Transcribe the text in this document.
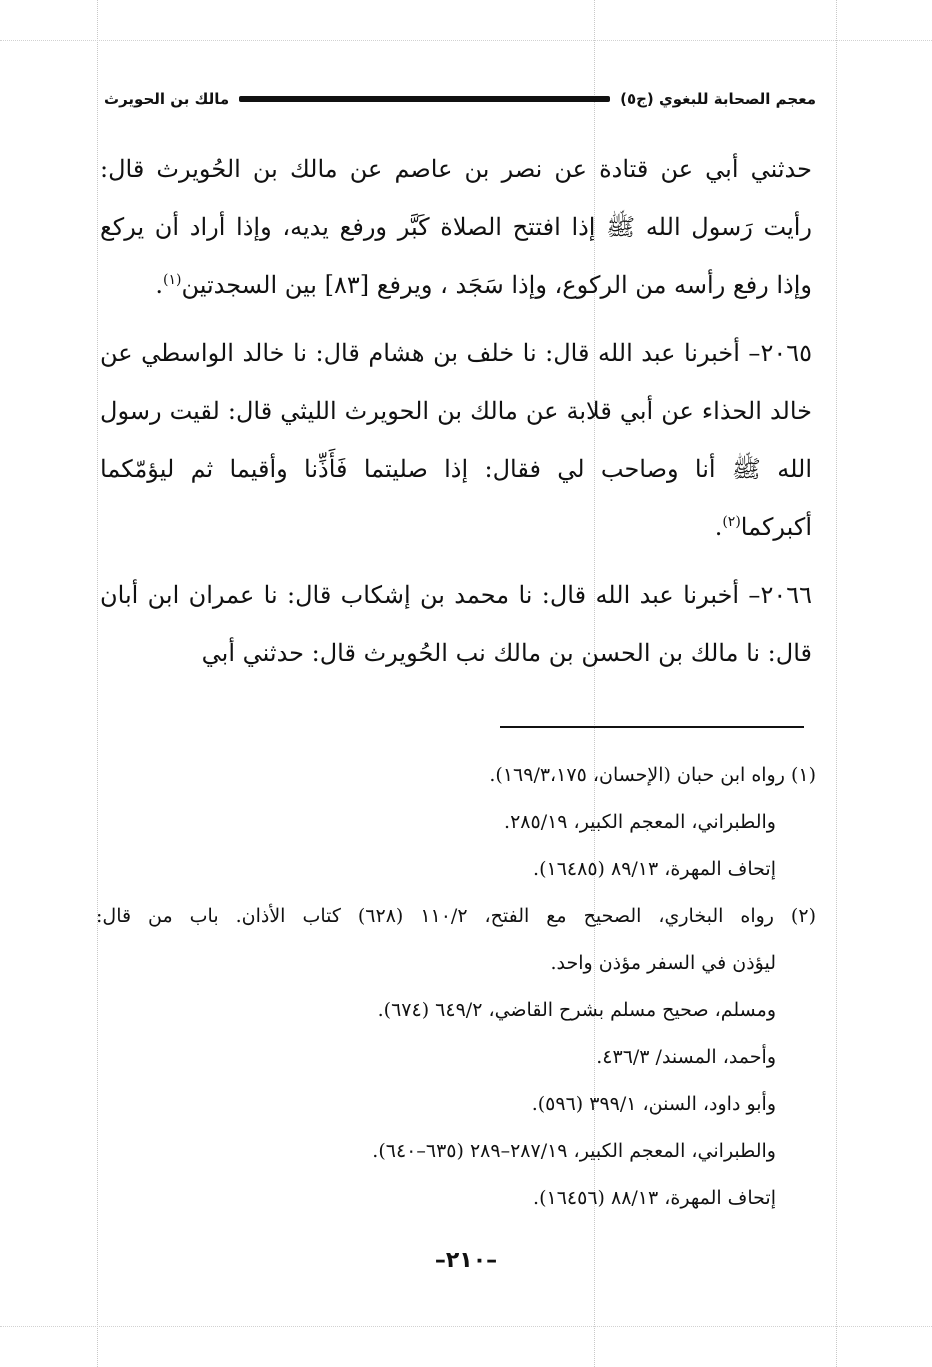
معجم الصحابة للبغوي (ج٥)
مالك بن الحويرث

حدثني أبي عن قتادة عن نصر بن عاصم عن مالك بن الحُويرث قال: رأيت رَسول الله ﷺ إذا افتتح الصلاة كَبَّر ورفع يديه، وإذا أراد أن يركع وإذا رفع رأسه من الركوع، وإذا سَجَد ، ويرفع [٨٣] بين السجدتين$^{(١)}$.

٢٠٦٥– أخبرنا عبد الله قال: نا خلف بن هشام قال: نا خالد الواسطي عن خالد الحذاء عن أبي قلابة عن مالك بن الحويرث الليثي قال: لقيت رسول الله ﷺ أنا وصاحب لي فقال: إذا صليتما فَأَذِّنا وأقيما ثم ليؤمّكما أكبركما$^{(٢)}$.

٢٠٦٦– أخبرنا عبد الله قال: نا محمد بن إشكاب قال: نا عمران ابن أبان قال: نا مالك بن الحسن بن مالك نب الحُويرث قال: حدثني أبي

(١) رواه ابن حبان (الإحسان، ١٦٩/٣،١٧٥).

والطبراني، المعجم الكبير، ٢٨٥/١٩.

إتحاف المهرة، ٨٩/١٣ (١٦٤٨٥).

(٢) رواه البخاري، الصحيح مع الفتح، ١١٠/٢ (٦٢٨) كتاب الأذان. باب من قال:

ليؤذن في السفر مؤذن واحد.

ومسلم، صحيح مسلم بشرح القاضي، ٦٤٩/٢ (٦٧٤).

وأحمد، المسند/ ٤٣٦/٣.

وأبو داود، السنن، ٣٩٩/١ (٥٩٦).

والطبراني، المعجم الكبير، ٢٨٧/١٩–٢٨٩ (٦٣٥–٦٤٠).

إتحاف المهرة، ٨٨/١٣ (١٦٤٥٦).

–٢١٠–
